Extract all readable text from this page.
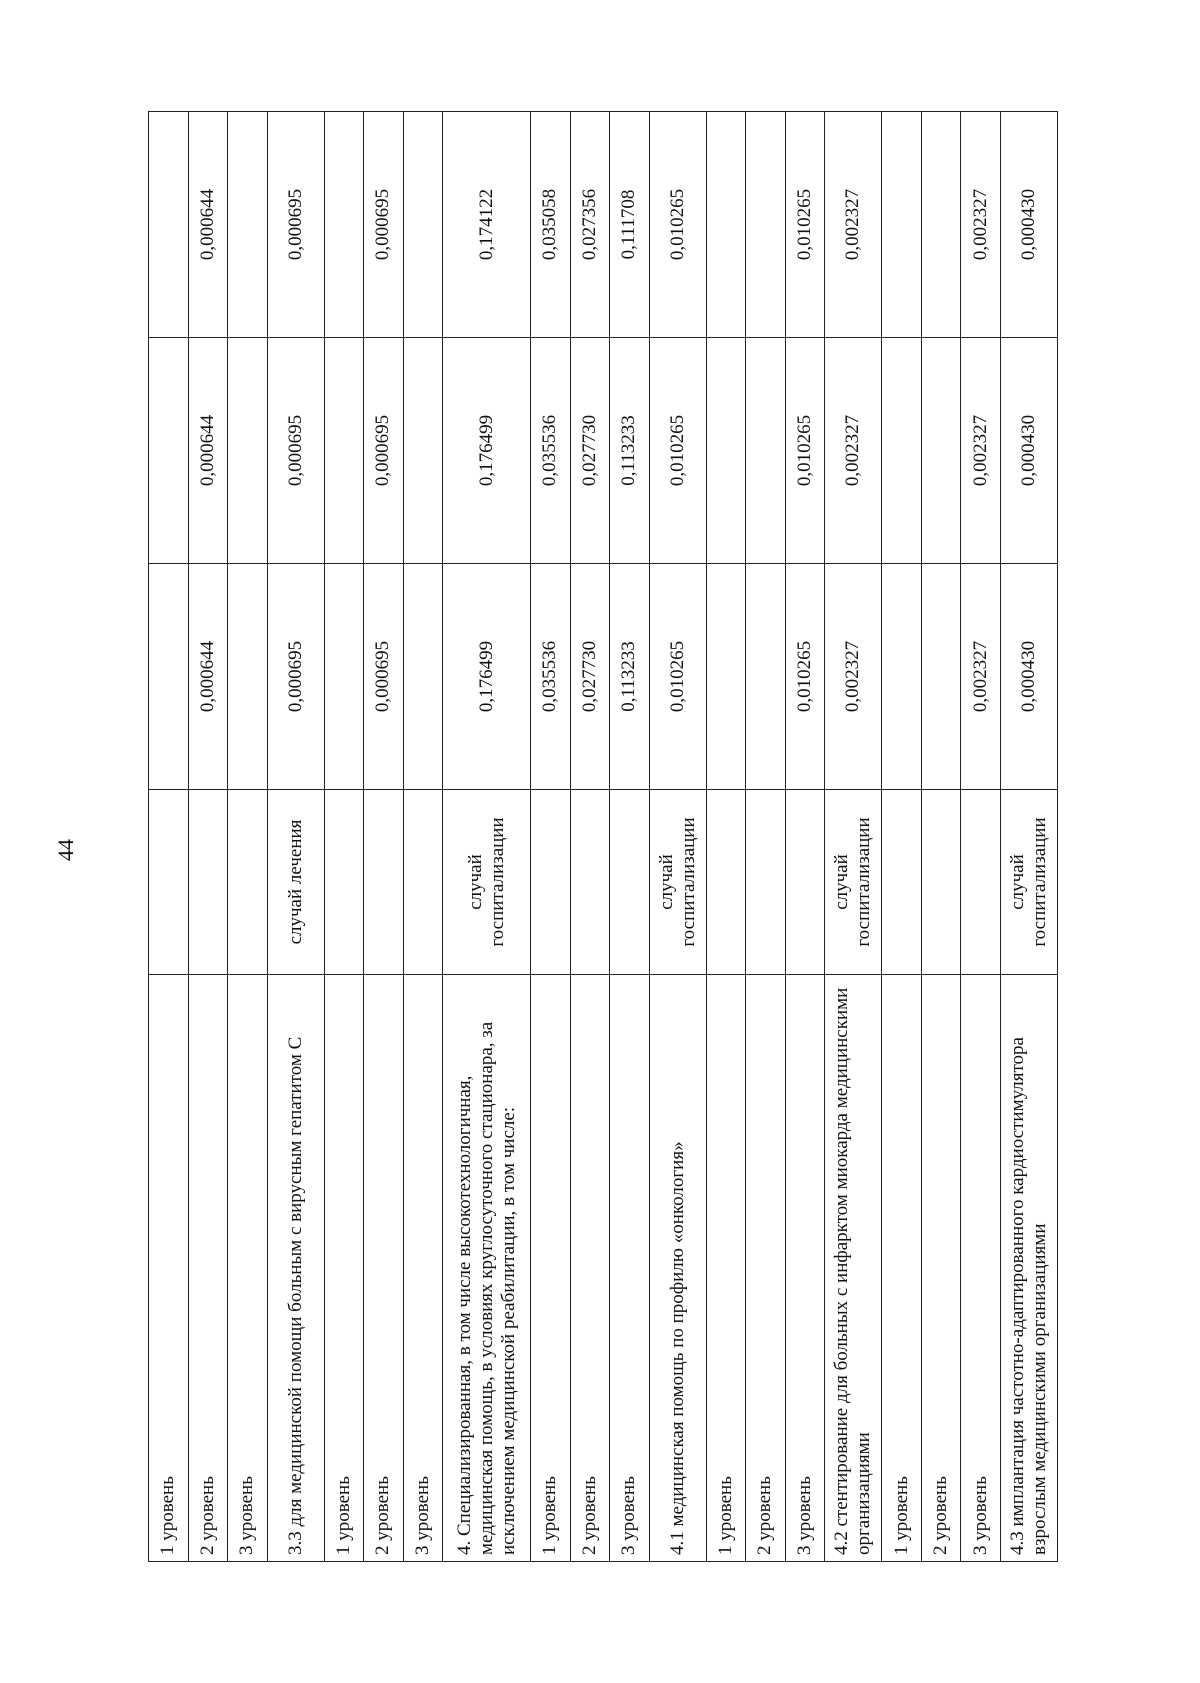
44
1 уровень				
2 уровень		0,000644	0,000644	0,000644
3 уровень				
3.3 для медицинской помощи больным с вирусным гепатитом С	случай лечения	0,000695	0,000695	0,000695
1 уровень				
2 уровень		0,000695	0,000695	0,000695
3 уровень				
4. Специализированная, в том числе высокотехнологичная, медицинская помощь, в условиях круглосуточного стационара, за исключением медицинской реабилитации, в том числе:	случай госпитализации	0,176499	0,176499	0,174122
1 уровень		0,035536	0,035536	0,035058
2 уровень		0,027730	0,027730	0,027356
3 уровень		0,113233	0,113233	0,111708
4.1 медицинская помощь по профилю «онкология»	случай госпитализации	0,010265	0,010265	0,010265
1 уровень				
2 уровень				
3 уровень		0,010265	0,010265	0,010265
4.2 стентирование для больных с инфарктом миокарда медицинскими организациями	случай госпитализации	0,002327	0,002327	0,002327
1 уровень				
2 уровень				
3 уровень		0,002327	0,002327	0,002327
4.3 имплантация частотно-адаптированного кардиостимулятора взрослым медицинскими организациями	случай госпитализации	0,000430	0,000430	0,000430
